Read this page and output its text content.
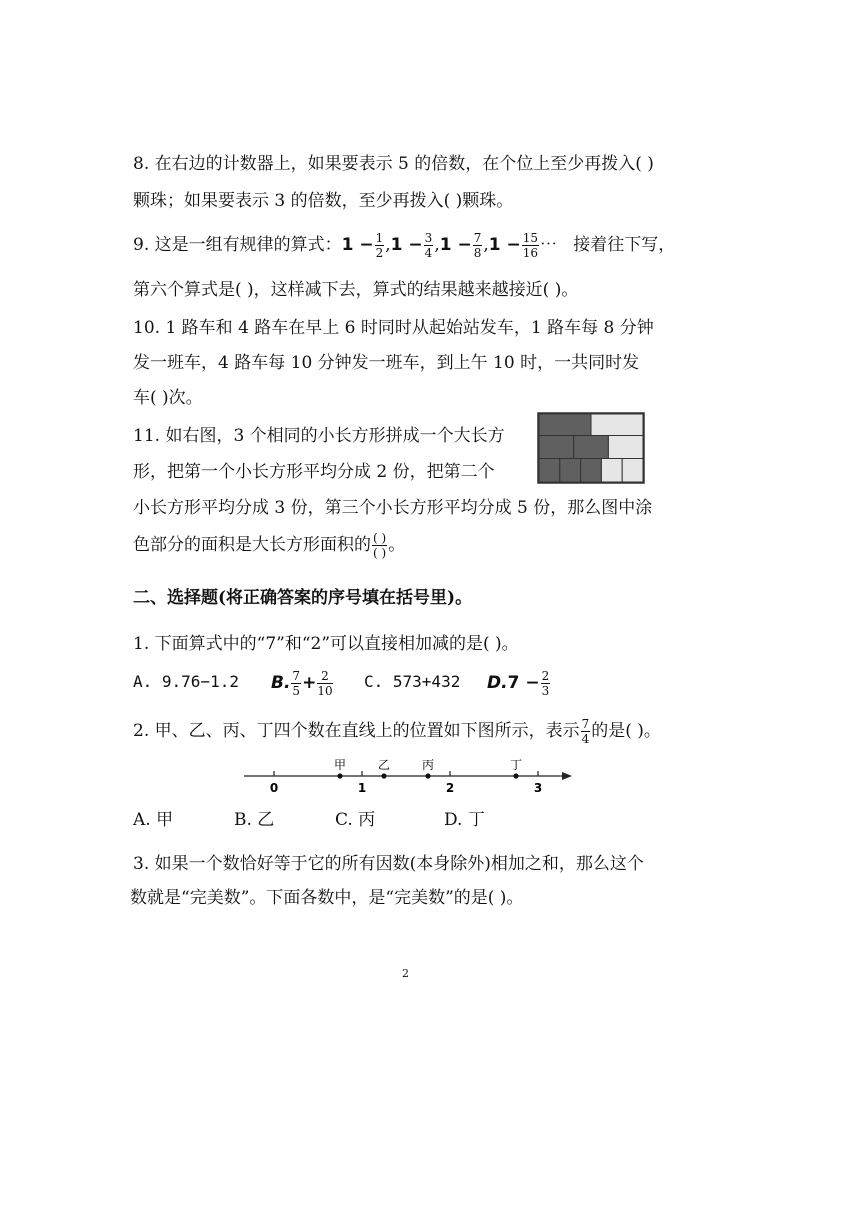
8. 在右边的计数器上，如果要表示 5 的倍数，在个位上至少再拨入( )
颗珠；如果要表示 3 的倍数，至少再拨入( )颗珠。
9. 这是一组有规律的算式：$1 - \frac{1}{2} ,1 - \frac{3}{4} ,1 - \frac{7}{8} ,1 - \frac{15}{16}$ ⋯ 接着往下写，
第六个算式是( )，这样减下去，算式的结果越来越接近( )。
10. 1 路车和 4 路车在早上 6 时同时从起始站发车，1 路车每 8 分钟
发一班车，4 路车每 10 分钟发一班车，到上午 10 时，一共同时发
车( )次。
11. 如右图，3 个相同的小长方形拼成一个大长方
形，把第一个小长方形平均分成 2 份，把第二个
小长方形平均分成 3 份，第三个小长方形平均分成 5 份，那么图中涂
色部分的面积是大长方形面积的 $\frac{( )}{( )}$ 。
二、选择题(将正确答案的序号填在括号里)。
1. 下面算式中的“7”和“2”可以直接相加减的是( )。
A. 9.76−1.2 B. $\frac{7}{5} + \frac{2}{10} C$. 573+432 $D.7 - \frac{2}{3}$
2. 甲、乙、丙、丁四个数在直线上的位置如下图所示，表示 $\frac{7}{4}$ 的是( )。
0	1	2	3
甲	乙	丙	丁
A. 甲	B. 乙	C. 丙	D. 丁
3. 如果一个数恰好等于它的所有因数(本身除外)相加之和，那么这个
数就是“完美数”。下面各数中，是“完美数”的是( )。
2
